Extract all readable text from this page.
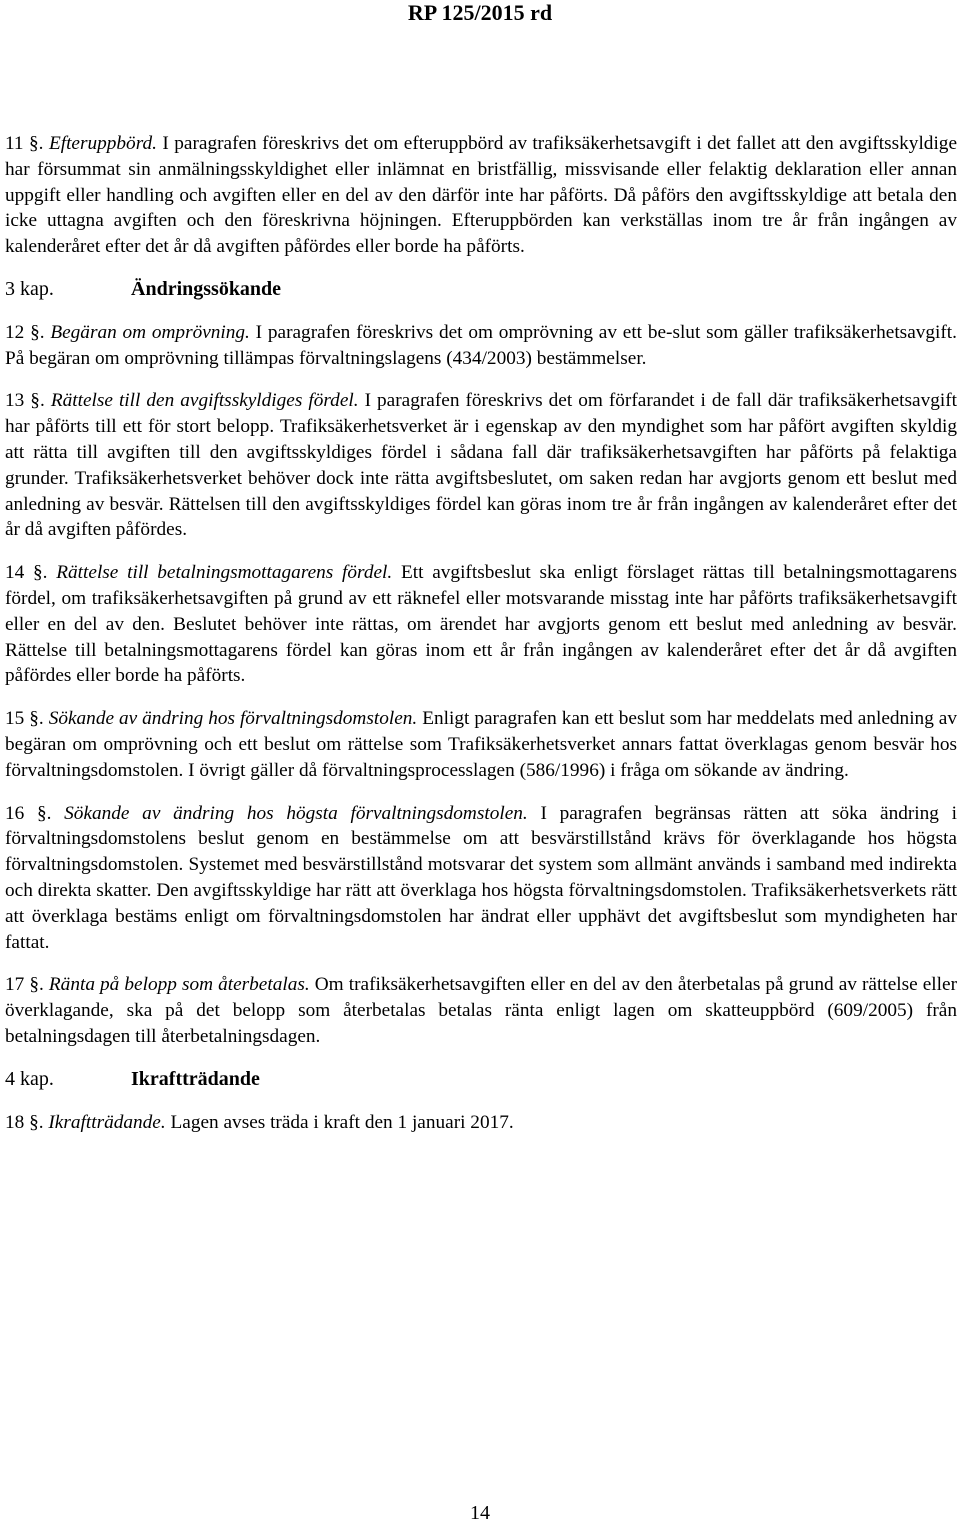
RP 125/2015 rd

11 §. Efteruppbörd. I paragrafen föreskrivs det om efteruppbörd av trafiksäkerhetsavgift i det fallet att den avgiftsskyldige har försummat sin anmälningsskyldighet eller inlämnat en bristfällig, missvisande eller felaktig deklaration eller annan uppgift eller handling och avgiften eller en del av den därför inte har påförts. Då påförs den avgiftsskyldige att betala den icke uttagna avgiften och den föreskrivna höjningen. Efteruppbörden kan verkställas inom tre år från ingången av kalenderåret efter det år då avgiften påfördes eller borde ha påförts.

3 kap.	Ändringssökande

12 §. Begäran om omprövning. I paragrafen föreskrivs det om omprövning av ett be-slut som gäller trafiksäkerhetsavgift. På begäran om omprövning tillämpas förvaltningslagens (434/2003) bestämmelser.

13 §. Rättelse till den avgiftsskyldiges fördel. I paragrafen föreskrivs det om förfarandet i de fall där trafiksäkerhetsavgift har påförts till ett för stort belopp. Trafiksäkerhetsverket är i egenskap av den myndighet som har påfört avgiften skyldig att rätta till avgiften till den avgiftsskyldiges fördel i sådana fall där trafiksäkerhetsavgiften har påförts på felaktiga grunder. Trafiksäkerhetsverket behöver dock inte rätta avgiftsbeslutet, om saken redan har avgjorts genom ett beslut med anledning av besvär. Rättelsen till den avgiftsskyldiges fördel kan göras inom tre år från ingången av kalenderåret efter det år då avgiften påfördes.

14 §. Rättelse till betalningsmottagarens fördel. Ett avgiftsbeslut ska enligt förslaget rättas till betalningsmottagarens fördel, om trafiksäkerhetsavgiften på grund av ett räknefel eller motsvarande misstag inte har påförts trafiksäkerhetsavgift eller en del av den. Beslutet behöver inte rättas, om ärendet har avgjorts genom ett beslut med anledning av besvär. Rättelse till betalningsmottagarens fördel kan göras inom ett år från ingången av kalenderåret efter det år då avgiften påfördes eller borde ha påförts.

15 §. Sökande av ändring hos förvaltningsdomstolen. Enligt paragrafen kan ett beslut som har meddelats med anledning av begäran om omprövning och ett beslut om rättelse som Trafiksäkerhetsverket annars fattat överklagas genom besvär hos förvaltningsdomstolen. I övrigt gäller då förvaltningsprocesslagen (586/1996) i fråga om sökande av ändring.

16 §. Sökande av ändring hos högsta förvaltningsdomstolen. I paragrafen begränsas rätten att söka ändring i förvaltningsdomstolens beslut genom en bestämmelse om att besvärstillstånd krävs för överklagande hos högsta förvaltningsdomstolen. Systemet med besvärstillstånd motsvarar det system som allmänt används i samband med indirekta och direkta skatter. Den avgiftsskyldige har rätt att överklaga hos högsta förvaltningsdomstolen. Trafiksäkerhetsverkets rätt att överklaga bestäms enligt om förvaltningsdomstolen har ändrat eller upphävt det avgiftsbeslut som myndigheten har fattat.

17 §. Ränta på belopp som återbetalas. Om trafiksäkerhetsavgiften eller en del av den återbetalas på grund av rättelse eller överklagande, ska på det belopp som återbetalas betalas ränta enligt lagen om skatteuppbörd (609/2005) från betalningsdagen till återbetalningsdagen.

4 kap.	Ikraftträdande

18 §. Ikraftträdande. Lagen avses träda i kraft den 1 januari 2017.

14
